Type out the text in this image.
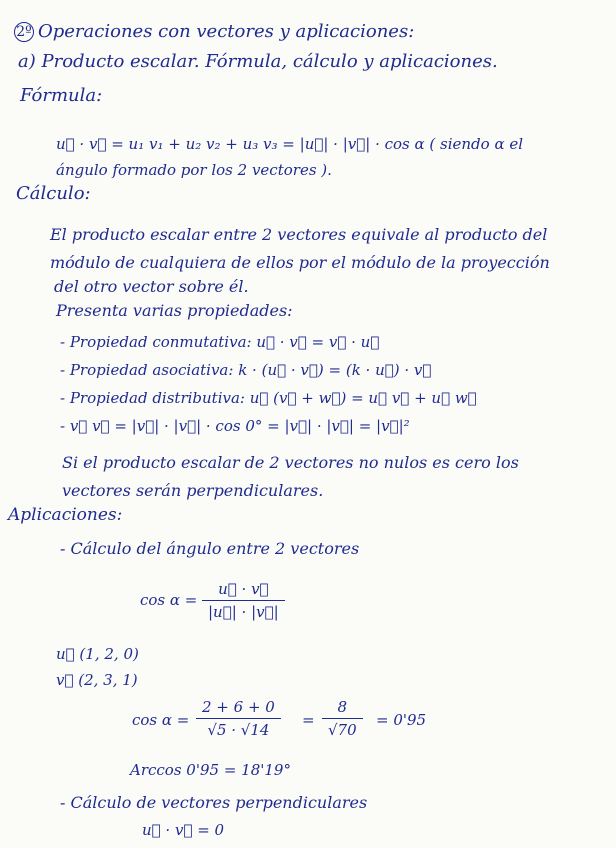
2º Operaciones con vectores y aplicaciones:
a) Producto escalar. Fórmula, cálculo y aplicaciones.
Fórmula:
u⃗ · v⃗ = u₁ v₁ + u₂ v₂ + u₃ v₃ = |u⃗| · |v⃗| · cos α ( siendo α el
ángulo formado por los 2 vectores ).
Cálculo:
El producto escalar entre 2 vectores equivale al producto del
módulo de cualquiera de ellos por el módulo de la proyección
del otro vector sobre él.
Presenta varias propiedades:
- Propiedad conmutativa: u⃗ · v⃗ = v⃗ · u⃗
- Propiedad asociativa: k · (u⃗ · v⃗) = (k · u⃗) · v⃗
- Propiedad distributiva: u⃗ (v⃗ + w⃗) = u⃗ v⃗ + u⃗ w⃗
- v⃗ v⃗ = |v⃗| · |v⃗| · cos 0° = |v⃗| · |v⃗| = |v⃗|²
Si el producto escalar de 2 vectores no nulos es cero los
vectores serán perpendiculares.
Aplicaciones:
- Cálculo del ángulo entre 2 vectores
$\cos \alpha = \frac{u⃗ \cdot v⃗}{|u⃗| \cdot |v⃗|}$
u⃗ (1, 2, 0)
v⃗ (2, 3, 1)
$\cos \alpha = \frac{2 + 6 + 0}{√5 \cdot √14} = \frac{8}{√70} = 0'95$
Arccos 0'95 = 18'19°
- Cálculo de vectores perpendiculares
u⃗ · v⃗ = 0
